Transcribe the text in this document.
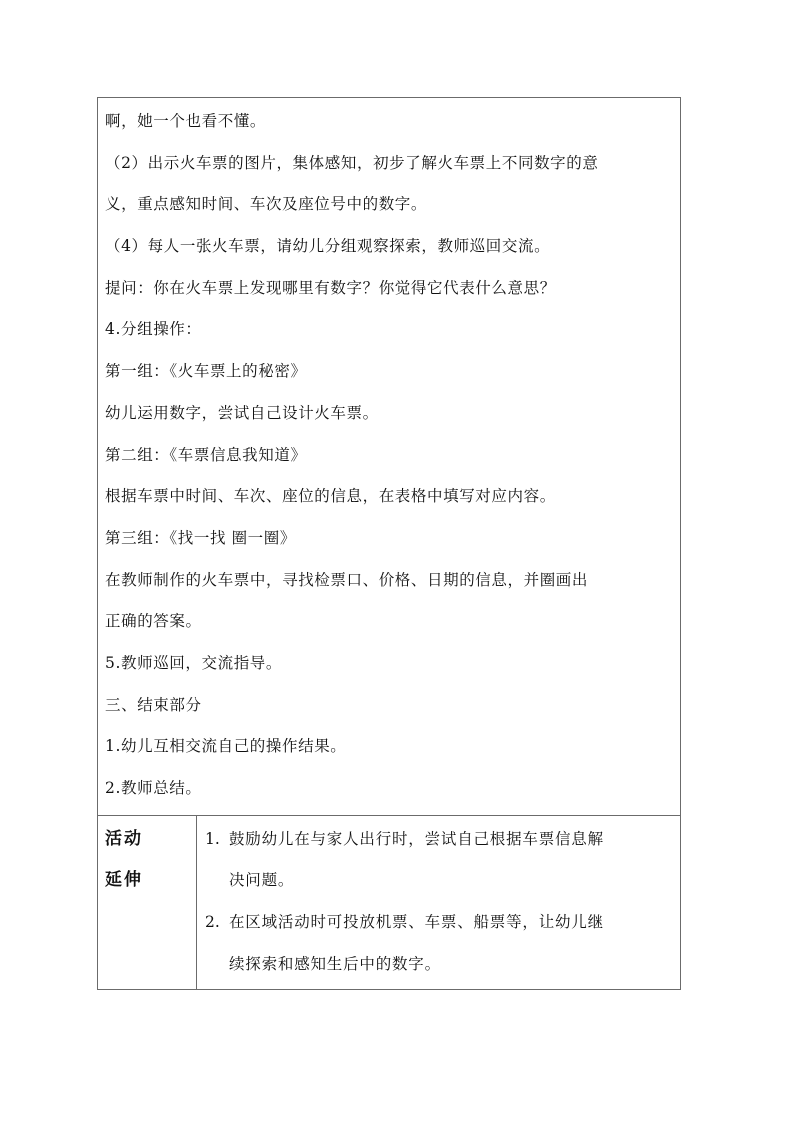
啊，她一个也看不懂。
（2）出示火车票的图片，集体感知，初步了解火车票上不同数字的意
义，重点感知时间、车次及座位号中的数字。
（4）每人一张火车票，请幼儿分组观察探索，教师巡回交流。
提问：你在火车票上发现哪里有数字？你觉得它代表什么意思？
4.分组操作：
第一组：《火车票上的秘密》
幼儿运用数字，尝试自己设计火车票。
第二组：《车票信息我知道》
根据车票中时间、车次、座位的信息，在表格中填写对应内容。
第三组：《找一找 圈一圈》
在教师制作的火车票中，寻找检票口、价格、日期的信息，并圈画出
正确的答案。
5.教师巡回，交流指导。
三、结束部分
1.幼儿互相交流自己的操作结果。
2.教师总结。
活动
延伸
1. 鼓励幼儿在与家人出行时，尝试自己根据车票信息解
决问题。
2. 在区域活动时可投放机票、车票、船票等，让幼儿继
续探索和感知生后中的数字。
